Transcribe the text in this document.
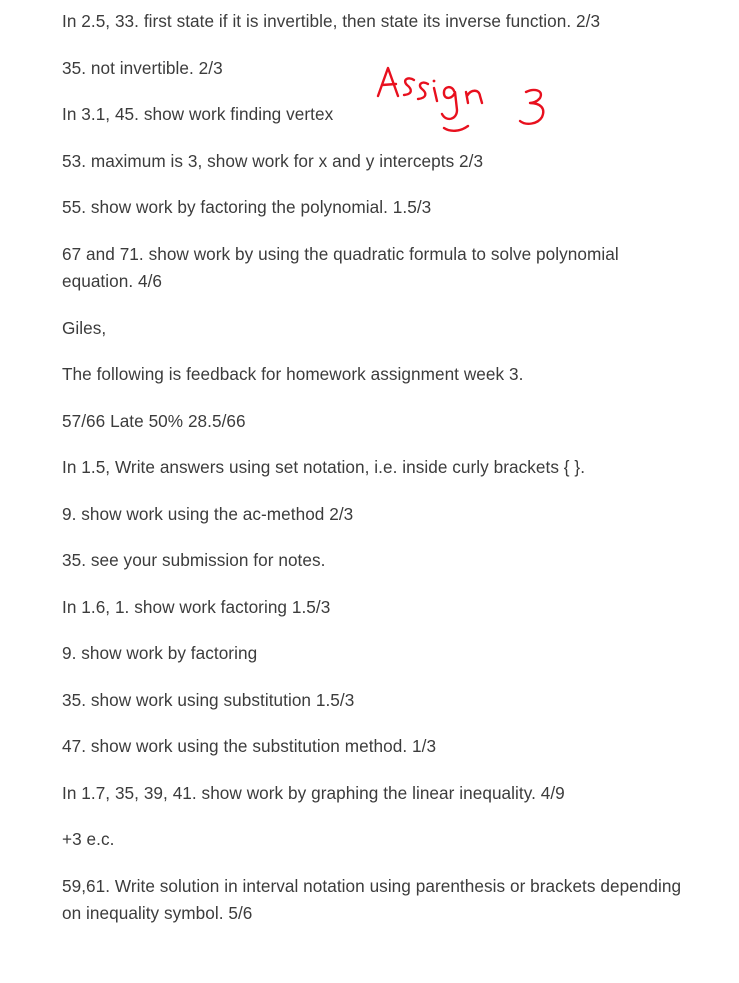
In 2.5, 33. first state if it is invertible, then state its inverse function. 2/3

35. not invertible. 2/3

In 3.1, 45. show work finding vertex

53. maximum is 3, show work for x and y intercepts 2/3

55. show work by factoring the polynomial. 1.5/3

67 and 71. show work by using the quadratic formula to solve polynomial equation. 4/6

Giles,

The following is feedback for homework assignment week 3.

57/66 Late 50% 28.5/66

In 1.5, Write answers using set notation, i.e. inside curly brackets { }.

9. show work using the ac-method 2/3

35. see your submission for notes.

In 1.6, 1. show work factoring 1.5/3

9. show work by factoring

35. show work using substitution 1.5/3

47. show work using the substitution method. 1/3

In 1.7, 35, 39, 41. show work by graphing the linear inequality. 4/9

+3 e.c.

59,61. Write solution in interval notation using parenthesis or brackets depending on inequality symbol. 5/6
